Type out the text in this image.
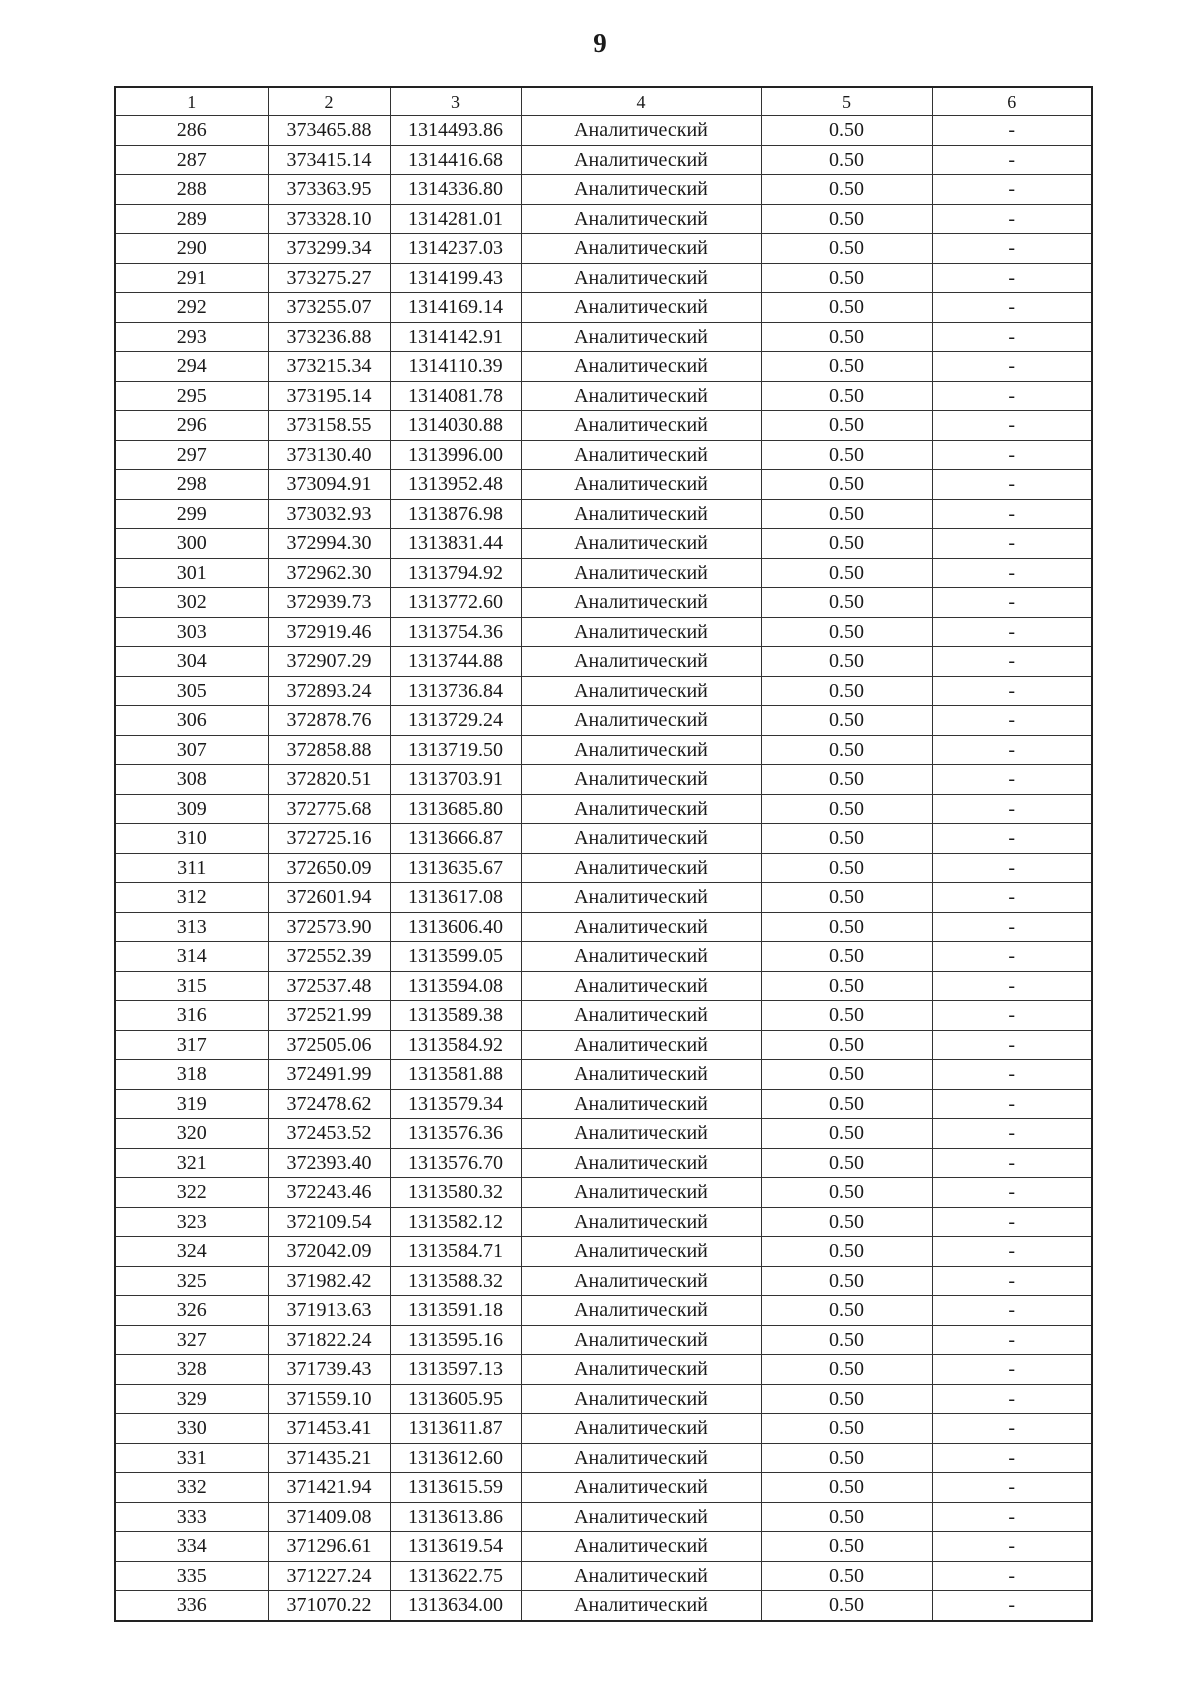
9
1	2	3	4	5	6
286	373465.88	1314493.86	Аналитический	0.50	-
287	373415.14	1314416.68	Аналитический	0.50	-
288	373363.95	1314336.80	Аналитический	0.50	-
289	373328.10	1314281.01	Аналитический	0.50	-
290	373299.34	1314237.03	Аналитический	0.50	-
291	373275.27	1314199.43	Аналитический	0.50	-
292	373255.07	1314169.14	Аналитический	0.50	-
293	373236.88	1314142.91	Аналитический	0.50	-
294	373215.34	1314110.39	Аналитический	0.50	-
295	373195.14	1314081.78	Аналитический	0.50	-
296	373158.55	1314030.88	Аналитический	0.50	-
297	373130.40	1313996.00	Аналитический	0.50	-
298	373094.91	1313952.48	Аналитический	0.50	-
299	373032.93	1313876.98	Аналитический	0.50	-
300	372994.30	1313831.44	Аналитический	0.50	-
301	372962.30	1313794.92	Аналитический	0.50	-
302	372939.73	1313772.60	Аналитический	0.50	-
303	372919.46	1313754.36	Аналитический	0.50	-
304	372907.29	1313744.88	Аналитический	0.50	-
305	372893.24	1313736.84	Аналитический	0.50	-
306	372878.76	1313729.24	Аналитический	0.50	-
307	372858.88	1313719.50	Аналитический	0.50	-
308	372820.51	1313703.91	Аналитический	0.50	-
309	372775.68	1313685.80	Аналитический	0.50	-
310	372725.16	1313666.87	Аналитический	0.50	-
311	372650.09	1313635.67	Аналитический	0.50	-
312	372601.94	1313617.08	Аналитический	0.50	-
313	372573.90	1313606.40	Аналитический	0.50	-
314	372552.39	1313599.05	Аналитический	0.50	-
315	372537.48	1313594.08	Аналитический	0.50	-
316	372521.99	1313589.38	Аналитический	0.50	-
317	372505.06	1313584.92	Аналитический	0.50	-
318	372491.99	1313581.88	Аналитический	0.50	-
319	372478.62	1313579.34	Аналитический	0.50	-
320	372453.52	1313576.36	Аналитический	0.50	-
321	372393.40	1313576.70	Аналитический	0.50	-
322	372243.46	1313580.32	Аналитический	0.50	-
323	372109.54	1313582.12	Аналитический	0.50	-
324	372042.09	1313584.71	Аналитический	0.50	-
325	371982.42	1313588.32	Аналитический	0.50	-
326	371913.63	1313591.18	Аналитический	0.50	-
327	371822.24	1313595.16	Аналитический	0.50	-
328	371739.43	1313597.13	Аналитический	0.50	-
329	371559.10	1313605.95	Аналитический	0.50	-
330	371453.41	1313611.87	Аналитический	0.50	-
331	371435.21	1313612.60	Аналитический	0.50	-
332	371421.94	1313615.59	Аналитический	0.50	-
333	371409.08	1313613.86	Аналитический	0.50	-
334	371296.61	1313619.54	Аналитический	0.50	-
335	371227.24	1313622.75	Аналитический	0.50	-
336	371070.22	1313634.00	Аналитический	0.50	-
